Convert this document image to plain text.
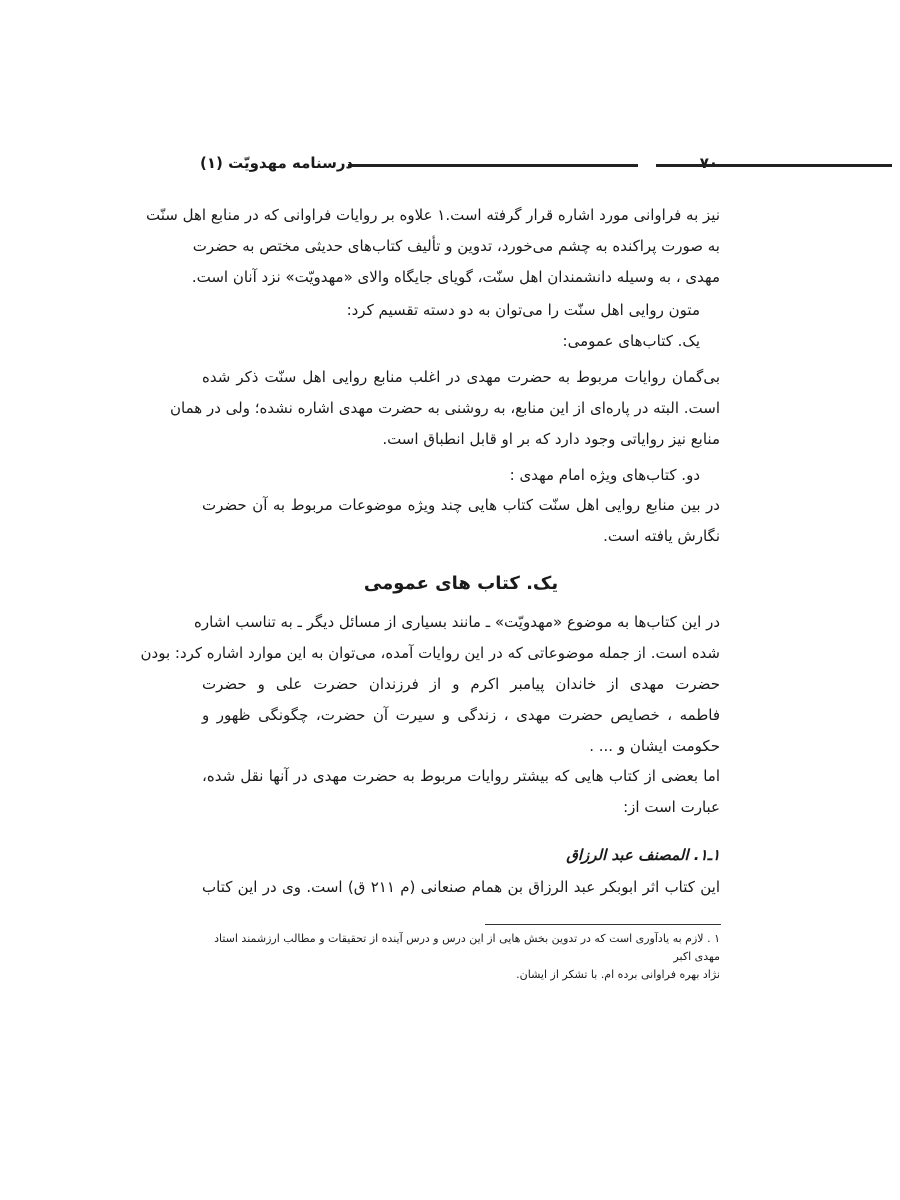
۷۰
درسنامه مهدویّت (۱)
نیز به فراوانی مورد اشاره قرار گرفته است.۱ علاوه بر روایات فراوانی که در منابع اهل سنّت
به صورت پراکنده به چشم می‌خورد، تدوین و تألیف کتاب‌های حدیثی مختص به حضرت
مهدی ، به وسیله دانشمندان اهل سنّت، گویای جایگاه والای «مهدویّت» نزد آنان است.
متون روایی اهل سنّت را می‌توان به دو دسته تقسیم کرد:
یک. کتاب‌های عمومی:
بی‌گمان روایات مربوط به حضرت مهدی در اغلب منابع روایی اهل سنّت ذکر شده
است. البته در پاره‌ای از این منابع، به روشنی به حضرت مهدی اشاره نشده؛ ولی در همان
منابع نیز روایاتی وجود دارد که بر او قابل انطباق است.
دو. کتاب‌های ویژه امام مهدی :
در بین منابع روایی اهل سنّت کتاب هایی چند ویژه موضوعات مربوط به آن حضرت
نگارش یافته است.
یک. کتاب های عمومی
در این کتاب‌ها به موضوع «مهدویّت» ـ مانند بسیاری از مسائل دیگر ـ به تناسب اشاره
شده است. از جمله موضوعاتی که در این روایات آمده، می‌توان به این موارد اشاره کرد: بودن
حضرت مهدی از خاندان پیامبر اکرم و از فرزندان حضرت علی و حضرت
فاطمه ، خصایص حضرت مهدی ، زندگی و سیرت آن حضرت، چگونگی ظهور و
حکومت ایشان و ... .
اما بعضی از کتاب هایی که بیشتر روایات مربوط به حضرت مهدی در آنها نقل شده،
عبارت است از:
۱ـ۱. المصنف عبد الرزاق
این کتاب اثر ابوبکر عبد الرزاق بن همام صنعانی (م ۲۱۱ ق) است. وی در این کتاب
۱ . لازم به یادآوری است که در تدوین بخش هایی از این درس و درس آینده از تحقیقات و مطالب ارزشمند استاد مهدی اکبر
نژاد بهره فراوانی برده ام. با تشکر از ایشان.
